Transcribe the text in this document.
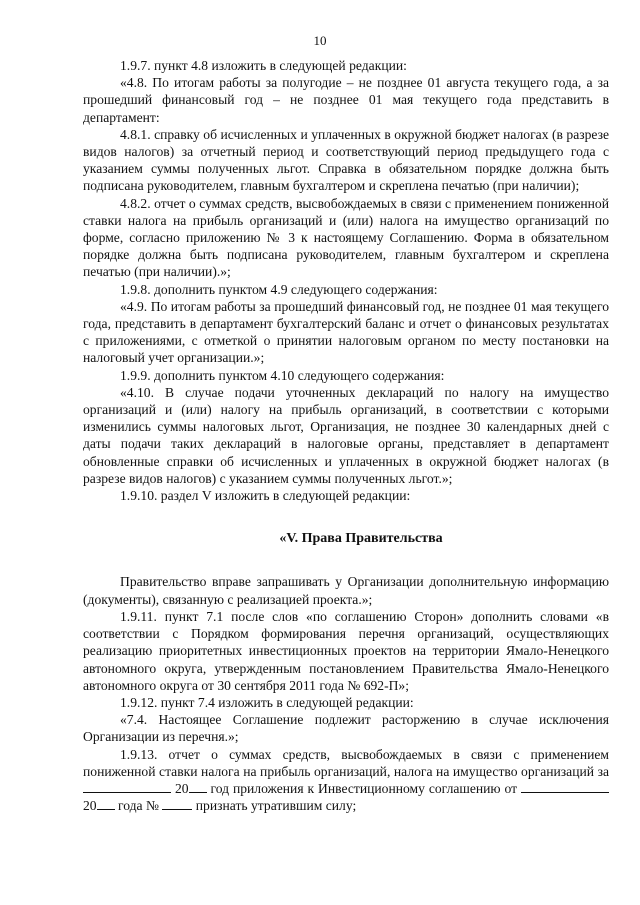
10

1.9.7. пункт 4.8 изложить в следующей редакции:

«4.8. По итогам работы за полугодие – не позднее 01 августа текущего года, а за прошедший финансовый год – не позднее 01 мая текущего года представить в департамент:

4.8.1. справку об исчисленных и уплаченных в окружной бюджет налогах (в разрезе видов налогов) за отчетный период и соответствующий период предыдущего года с указанием суммы полученных льгот. Справка в обязательном порядке должна быть подписана руководителем, главным бухгалтером и скреплена печатью (при наличии);

4.8.2. отчет о суммах средств, высвобождаемых в связи с применением пониженной ставки налога на прибыль организаций и (или) налога на имущество организаций по форме, согласно приложению № 3 к настоящему Соглашению. Форма в обязательном порядке должна быть подписана руководителем, главным бухгалтером и скреплена печатью (при наличии).»;

1.9.8. дополнить пунктом 4.9 следующего содержания:

«4.9. По итогам работы за прошедший финансовый год, не позднее 01 мая текущего года, представить в департамент бухгалтерский баланс и отчет о финансовых результатах с приложениями, с отметкой о принятии налоговым органом по месту постановки на налоговый учет организации.»;

1.9.9. дополнить пунктом 4.10 следующего содержания:

«4.10. В случае подачи уточненных деклараций по налогу на имущество организаций и (или) налогу на прибыль организаций, в соответствии с которыми изменились суммы налоговых льгот, Организация, не позднее 30 календарных дней с даты подачи таких деклараций в налоговые органы, представляет в департамент обновленные справки об исчисленных и уплаченных в окружной бюджет налогах (в разрезе видов налогов) с указанием суммы полученных льгот.»;

1.9.10. раздел V изложить в следующей редакции:

«V. Права Правительства

Правительство вправе запрашивать у Организации дополнительную информацию (документы), связанную с реализацией проекта.»;

1.9.11. пункт 7.1 после слов «по соглашению Сторон» дополнить словами «в соответствии с Порядком формирования перечня организаций, осуществляющих реализацию приоритетных инвестиционных проектов на территории Ямало-Ненецкого автономного округа, утвержденным постановлением Правительства Ямало-Ненецкого автономного округа от 30 сентября 2011 года № 692-П»;

1.9.12. пункт 7.4 изложить в следующей редакции:

«7.4. Настоящее Соглашение подлежит расторжению в случае исключения Организации из перечня.»;

1.9.13. отчет о суммах средств, высвобождаемых в связи с применением пониженной ставки налога на прибыль организаций, налога на имущество организаций за  20 год приложения к Инвестиционному соглашению от  20 года №	признать утратившим силу;
